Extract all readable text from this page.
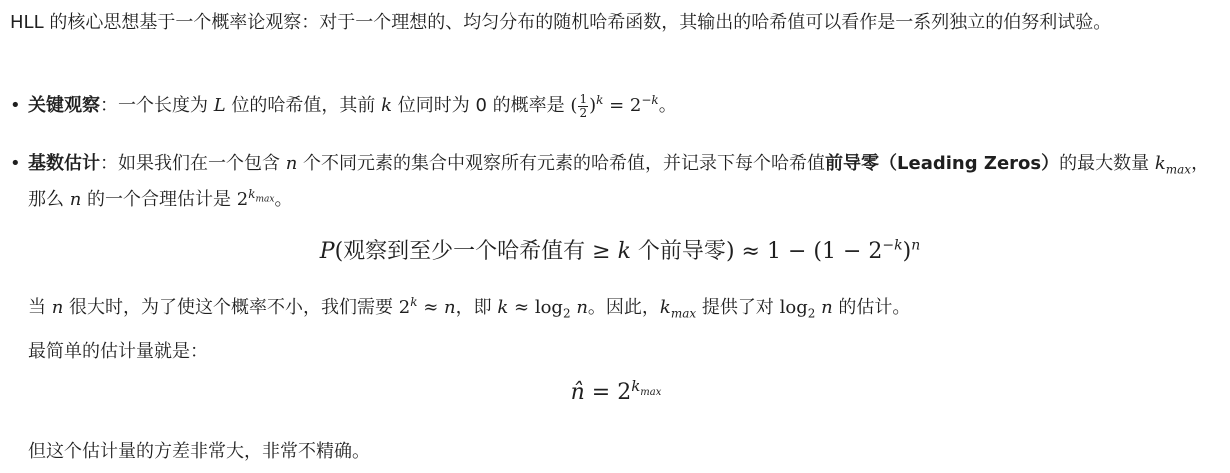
HLL 的核心思想基于一个概率论观察：对于一个理想的、均匀分布的随机哈希函数，其输出的哈希值可以看作是一系列独立的伯努利试验。
• 关键观察：一个长度为 L 位的哈希值，其前 k 位同时为 0 的概率是 ( $\frac{1}{2} )^k = 2^{-k}$。
• 基数估计：如果我们在一个包含 n 个不同元素的集合中观察所有元素的哈希值，并记录下每个哈希值前导零（Leading Zeros）的最大数量 $k_{max}$，那么 n 的一个合理估计是 $2^{k_{max}}$。
P(观察到至少一个哈希值有 ≥ k 个前导零) ≈ $1 - (1 - 2^{-k})^n$
当 n 很大时，为了使这个概率不小，我们需要 $2^k \approx n$，即 $k \approx \log_2 n$。因此，$k_{max}$ 提供了对 $\log_2 n$ 的估计。
最简单的估计量就是：
n̂ = $2^{k_{max}}$
但这个估计量的方差非常大，非常不精确。
